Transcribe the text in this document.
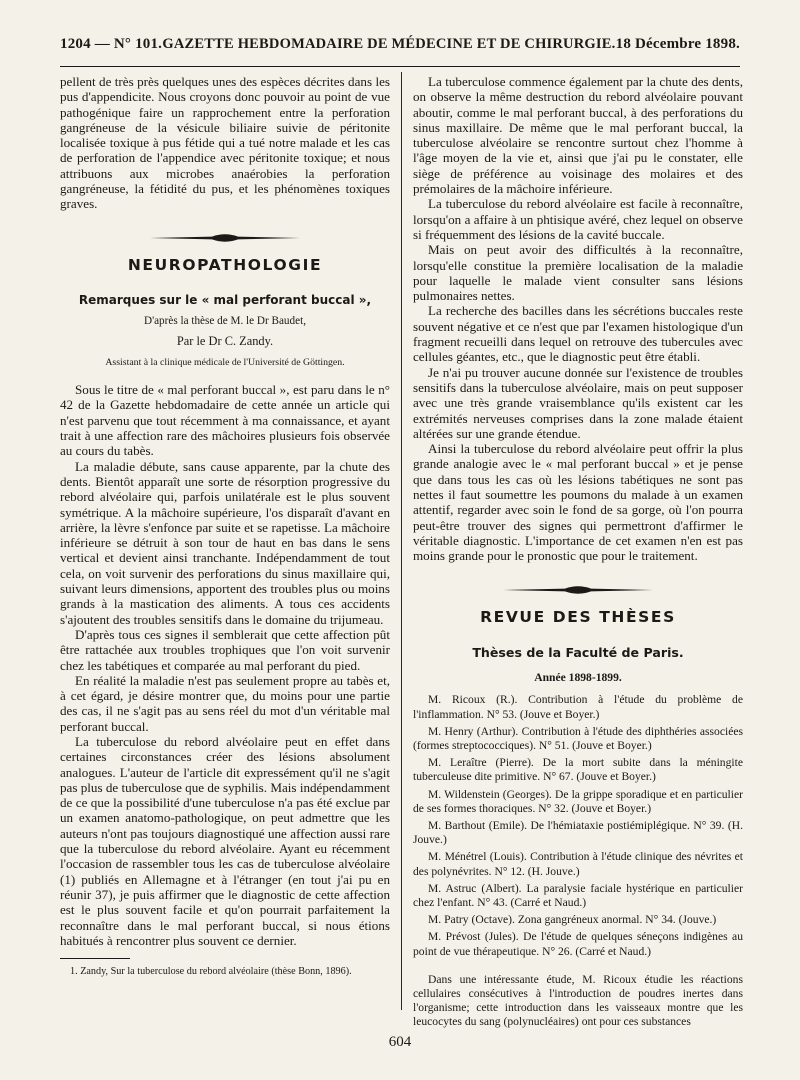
1204 — N° 101. GAZETTE HEBDOMADAIRE DE MÉDECINE ET DE CHIRURGIE. 18 Décembre 1898.

pellent de très près quelques unes des espèces décrites dans les pus d'appendicite. Nous croyons donc pouvoir au point de vue pathogénique faire un rapprochement entre la perforation gangréneuse de la vésicule biliaire suivie de péritonite localisée toxique à pus fétide qui a tué notre malade et les cas de perforation de l'appendice avec péritonite toxique; et nous attribuons aux microbes anaérobies la perforation gangréneuse, la fétidité du pus, et les phénomènes toxiques graves.

NEUROPATHOLOGIE
Remarques sur le « mal perforant buccal »,
D'après la thèse de M. le Dr Baudet,
Par le Dr C. Zandy.
Assistant à la clinique médicale de l'Université de Göttingen.

Sous le titre de « mal perforant buccal », est paru dans le n° 42 de la Gazette hebdomadaire de cette année un article qui n'est parvenu que tout récemment à ma connaissance, et ayant trait à une affection rare des mâchoires plusieurs fois observée au cours du tabès.

La maladie débute, sans cause apparente, par la chute des dents. Bientôt apparaît une sorte de résorption progressive du rebord alvéolaire qui, parfois unilatérale est le plus souvent symétrique. A la mâchoire supérieure, l'os disparaît d'avant en arrière, la lèvre s'enfonce par suite et se rapetisse. La mâchoire inférieure se détruit à son tour de haut en bas dans le sens vertical et devient ainsi tranchante. Indépendamment de tout cela, on voit survenir des perforations du sinus maxillaire qui, suivant leurs dimensions, apportent des troubles plus ou moins grands à la mastication des aliments. A tous ces accidents s'ajoutent des troubles sensitifs dans le domaine du trijumeau.

D'après tous ces signes il semblerait que cette affection pût être rattachée aux troubles trophiques que l'on voit survenir chez les tabétiques et comparée au mal perforant du pied.

En réalité la maladie n'est pas seulement propre au tabès et, à cet égard, je désire montrer que, du moins pour une partie des cas, il ne s'agit pas au sens réel du mot d'un véritable mal perforant buccal.

La tuberculose du rebord alvéolaire peut en effet dans certaines circonstances créer des lésions absolument analogues. L'auteur de l'article dit expressément qu'il ne s'agit pas plus de tuberculose que de syphilis. Mais indépendamment de ce que la possibilité d'une tuberculose n'a pas été exclue par un examen anatomo-pathologique, on peut admettre que les auteurs n'ont pas toujours diagnostiqué une affection aussi rare que la tuberculose du rebord alvéolaire. Ayant eu récemment l'occasion de rassembler tous les cas de tuberculose alvéolaire (1) publiés en Allemagne et à l'étranger (en tout j'ai pu en réunir 37), je puis affirmer que le diagnostic de cette affection est le plus souvent facile et qu'on pourrait parfaitement la reconnaître dans le mal perforant buccal, si nous étions habitués à rencontrer plus souvent ce dernier.

1. Zandy, Sur la tuberculose du rebord alvéolaire (thèse Bonn, 1896).

La tuberculose commence également par la chute des dents, on observe la même destruction du rebord alvéolaire pouvant aboutir, comme le mal perforant buccal, à des perforations du sinus maxillaire. De même que le mal perforant buccal, la tuberculose alvéolaire se rencontre surtout chez l'homme à l'âge moyen de la vie et, ainsi que j'ai pu le constater, elle siège de préférence au voisinage des molaires et des prémolaires de la mâchoire inférieure.

La tuberculose du rebord alvéolaire est facile à reconnaître, lorsqu'on a affaire à un phtisique avéré, chez lequel on observe si fréquemment des lésions de la cavité buccale.

Mais on peut avoir des difficultés à la reconnaître, lorsqu'elle constitue la première localisation de la maladie pour laquelle le malade vient consulter sans lésions pulmonaires nettes.

La recherche des bacilles dans les sécrétions buccales reste souvent négative et ce n'est que par l'examen histologique d'un fragment recueilli dans lequel on retrouve des tubercules avec cellules géantes, etc., que le diagnostic peut être établi.

Je n'ai pu trouver aucune donnée sur l'existence de troubles sensitifs dans la tuberculose alvéolaire, mais on peut supposer avec une très grande vraisemblance qu'ils existent car les extrémités nerveuses comprises dans la zone malade étaient altérées sur une grande étendue.

Ainsi la tuberculose du rebord alvéolaire peut offrir la plus grande analogie avec le « mal perforant buccal » et je pense que dans tous les cas où les lésions tabétiques ne sont pas nettes il faut soumettre les poumons du malade à un examen attentif, regarder avec soin le fond de sa gorge, où l'on pourra peut-être trouver des signes qui permettront d'affirmer le véritable diagnostic. L'importance de cet examen n'en est pas moins grande pour le pronostic que pour le traitement.

REVUE DES THÈSES
Thèses de la Faculté de Paris.
Année 1898-1899.

M. Ricoux (R.). Contribution à l'étude du problème de l'inflammation. N° 53. (Jouve et Boyer.)

M. Henry (Arthur). Contribution à l'étude des diphthéries associées (formes streptococciques). N° 51. (Jouve et Boyer.)

M. Leraître (Pierre). De la mort subite dans la méningite tuberculeuse dite primitive. N° 67. (Jouve et Boyer.)

M. Wildenstein (Georges). De la grippe sporadique et en particulier de ses formes thoraciques. N° 32. (Jouve et Boyer.)

M. Barthout (Emile). De l'hémiataxie postiémiplégique. N° 39. (H. Jouve.)

M. Ménétrel (Louis). Contribution à l'étude clinique des névrites et des polynévrites. N° 12. (H. Jouve.)

M. Astruc (Albert). La paralysie faciale hystérique en particulier chez l'enfant. N° 43. (Carré et Naud.)

M. Patry (Octave). Zona gangréneux anormal. N° 34. (Jouve.)

M. Prévost (Jules). De l'étude de quelques séneçons indigènes au point de vue thérapeutique. N° 26. (Carré et Naud.)

Dans une intéressante étude, M. Ricoux étudie les réactions cellulaires consécutives à l'introduction de poudres inertes dans l'organisme; cette introduction dans les vaisseaux montre que les leucocytes du sang (polynucléaires) ont pour ces substances

604
